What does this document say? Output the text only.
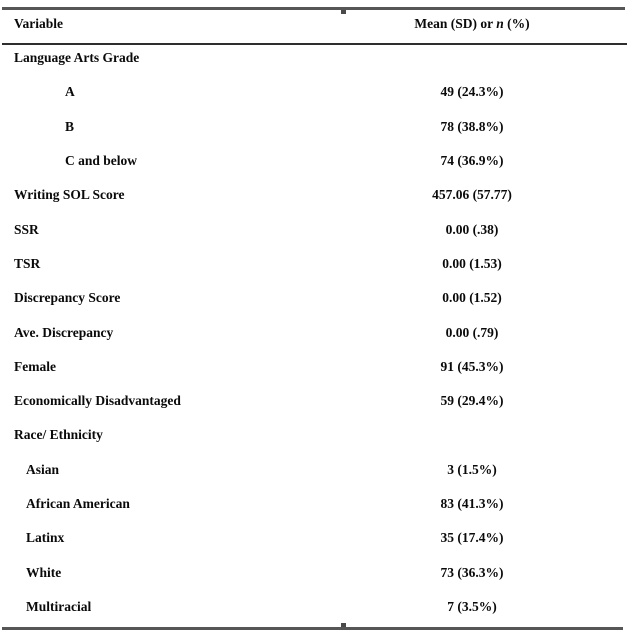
Variable	Mean (SD) or n (%)
Language Arts Grade
A	49 (24.3%)
B	78 (38.8%)
C and below	74 (36.9%)
Writing SOL Score	457.06 (57.77)
SSR	0.00 (.38)
TSR	0.00 (1.53)
Discrepancy Score	0.00 (1.52)
Ave. Discrepancy	0.00 (.79)
Female	91 (45.3%)
Economically Disadvantaged	59 (29.4%)
Race/ Ethnicity
Asian	3 (1.5%)
African American	83 (41.3%)
Latinx	35 (17.4%)
White	73 (36.3%)
Multiracial	7 (3.5%)
